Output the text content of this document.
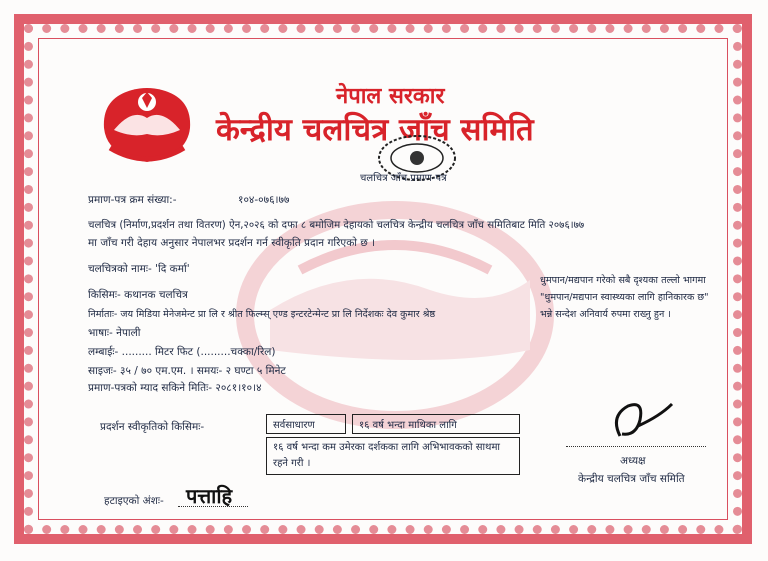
नेपाल सरकार
केन्द्रीय चलचित्र जाँच समिति
चलचित्र जाँच प्रमाण-पत्र
प्रमाण-पत्र क्रम संख्या:-	१०४-०७६।७७
चलचित्र (निर्माण,प्रदर्शन तथा वितरण) ऐन,२०२६ को दफा ८ बमोजिम देहायको चलचित्र केन्द्रीय चलचित्र जाँच समितिबाट मिति २०७६।७७
मा जाँच गरी देहाय अनुसार नेपालभर प्रदर्शन गर्न स्वीकृति प्रदान गरिएको छ ।
चलचित्रको नामः- 'दि कर्मा'
किसिमः- कथानक चलचित्र
निर्माताः- जय मिडिया मेनेजमेन्ट प्रा लि र श्रीत फिल्म्स् एण्ड इन्टरटेन्मेन्ट प्रा लि निर्देशकः देव कुमार श्रेष्ठ
भाषाः- नेपाली
लम्बाईः- ......... मिटर फिट (.........चक्का/रिल)
साइजः- ३५ / ७० एम.एम. । समयः- २ घण्टा ५ मिनेट
प्रमाण-पत्रको म्याद सकिने मितिः- २०८१।१०।४
धुमपान/मद्यपान गरेको सबै दृश्यका तल्लो भागमा "धुमपान/मद्यपान स्वास्थ्यका लागि हानिकारक छ" भन्ने सन्देश अनिवार्य रुपमा राख्नु हुन ।
प्रदर्शन स्वीकृतिको किसिमः-	सर्वसाधारण	१६ वर्ष भन्दा माथिका लागि
१६ वर्ष भन्दा कम उमेरका दर्शकका लागि अभिभावकको साथमा रहने गरी ।
हटाइएको अंशः- पत्ताहि
अध्यक्ष
केन्द्रीय चलचित्र जाँच समिति
